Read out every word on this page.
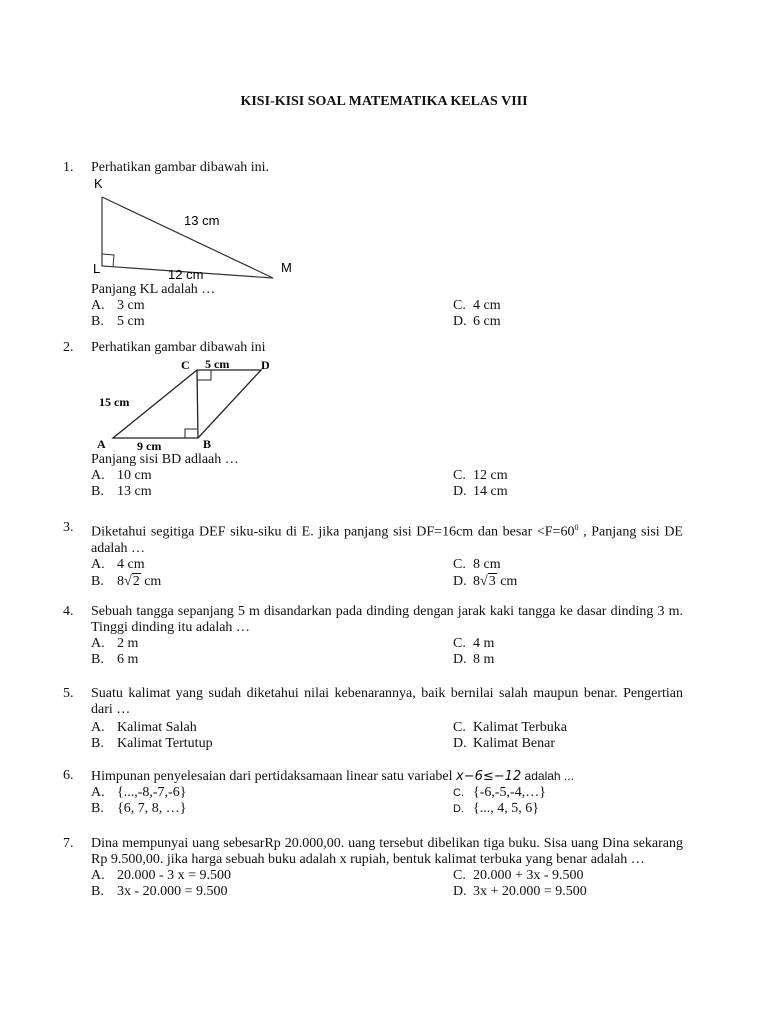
KISI-KISI SOAL MATEMATIKA KELAS VIII
1. Perhatikan gambar dibawah ini.
K
L	M
13 cm
12 cm
Panjang KL adalah …
A. 3 cm	C. 4 cm
B. 5 cm	D. 6 cm
2. Perhatikan gambar dibawah ini
C	D
A	B
5 cm
15 cm
9 cm
Panjang sisi BD adlaah …
A. 10 cm	C. 12 cm
B. 13 cm	D. 14 cm
3. Diketahui segitiga DEF siku-siku di E. jika panjang sisi DF=16cm dan besar $<F=60^0$ , Panjang sisi DE adalah …
A. 4 cm	C. 8 cm
B. 8√2 cm	D. 8√3 cm
4. Sebuah tangga sepanjang 5 m disandarkan pada dinding dengan jarak kaki tangga ke dasar dinding 3 m. Tinggi dinding itu adalah …
A. 2 m	C. 4 m
B. 6 m	D. 8 m
5. Suatu kalimat yang sudah diketahui nilai kebenarannya, baik bernilai salah maupun benar. Pengertian dari …
A. Kalimat Salah	C. Kalimat Terbuka
B. Kalimat Tertutup	D. Kalimat Benar
6. Himpunan penyelesaian dari pertidaksamaan linear satu variabel x−6≤−12 adalah ...
A. {...,-8,-7,-6}	C. {-6,-5,-4,…}
B. {6, 7, 8, …}	D. {..., 4, 5, 6}
7. Dina mempunyai uang sebesarRp 20.000,00. uang tersebut dibelikan tiga buku. Sisa uang Dina sekarang Rp 9.500,00. jika harga sebuah buku adalah x rupiah, bentuk kalimat terbuka yang benar adalah …
A. 20.000 - 3 x = 9.500	C. 20.000 + 3x - 9.500
B. 3x - 20.000 = 9.500	D. 3x + 20.000 = 9.500
